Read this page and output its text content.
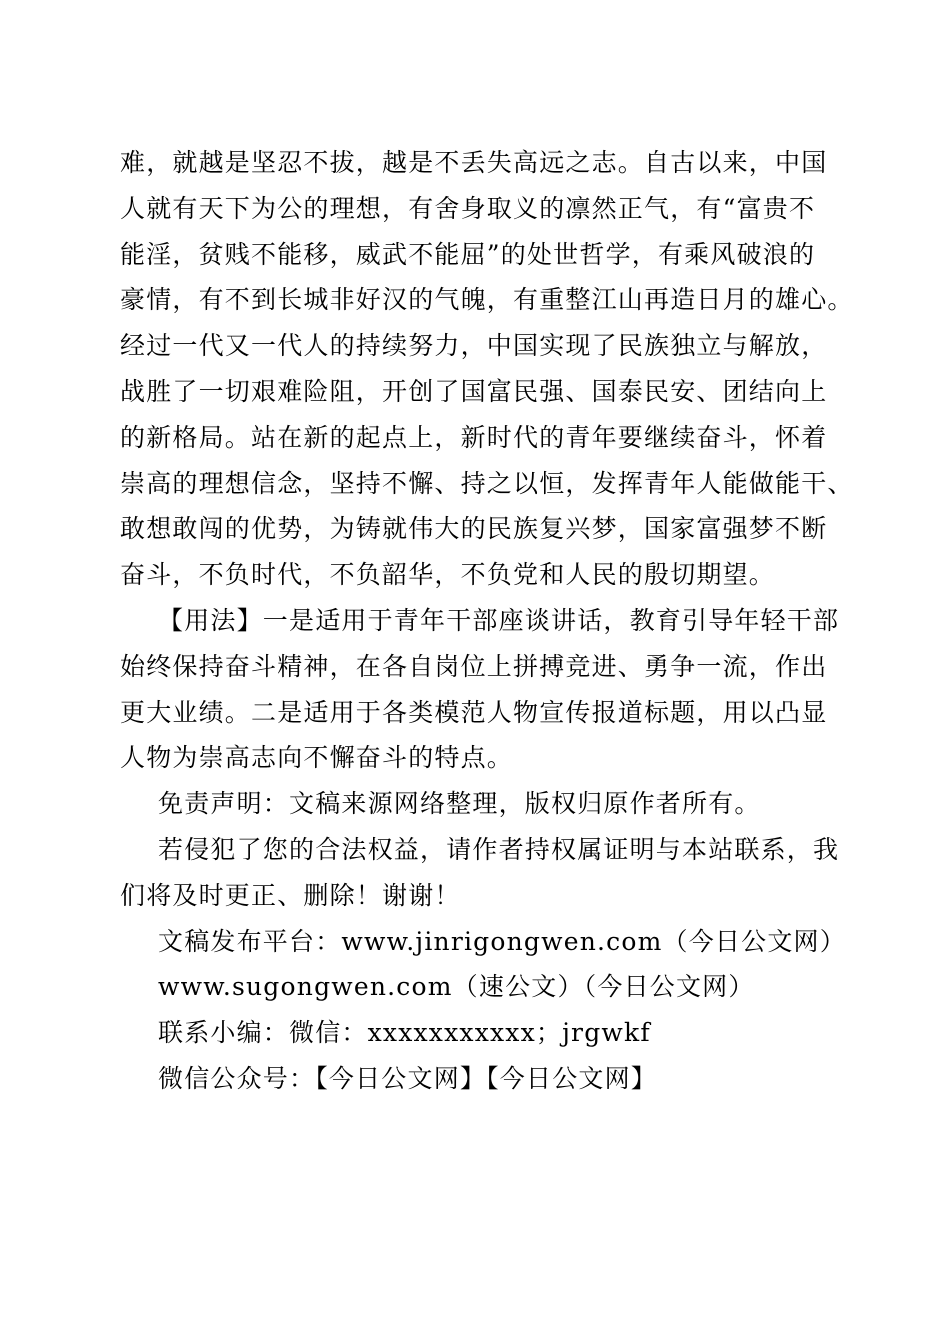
难，就越是坚忍不拔，越是不丢失高远之志。自古以来，中国
人就有天下为公的理想，有舍身取义的凛然正气，有“富贵不
能淫，贫贱不能移，威武不能屈”的处世哲学，有乘风破浪的
豪情，有不到长城非好汉的气魄，有重整江山再造日月的雄心。
经过一代又一代人的持续努力，中国实现了民族独立与解放，
战胜了一切艰难险阻，开创了国富民强、国泰民安、团结向上
的新格局。站在新的起点上，新时代的青年要继续奋斗，怀着
崇高的理想信念，坚持不懈、持之以恒，发挥青年人能做能干、
敢想敢闯的优势，为铸就伟大的民族复兴梦，国家富强梦不断
奋斗，不负时代，不负韶华，不负党和人民的殷切期望。
【用法】一是适用于青年干部座谈讲话，教育引导年轻干部
始终保持奋斗精神，在各自岗位上拼搏竞进、勇争一流，作出
更大业绩。二是适用于各类模范人物宣传报道标题，用以凸显
人物为崇高志向不懈奋斗的特点。
免责声明：文稿来源网络整理，版权归原作者所有。
若侵犯了您的合法权益，请作者持权属证明与本站联系，我
们将及时更正、删除！谢谢！
文稿发布平台：www.jinrigongwen.com（今日公文网）
www.sugongwen.com（速公文）（今日公文网）
联系小编：微信：xxxxxxxxxxx；jrgwkf
微信公众号：【今日公文网】【今日公文网】
